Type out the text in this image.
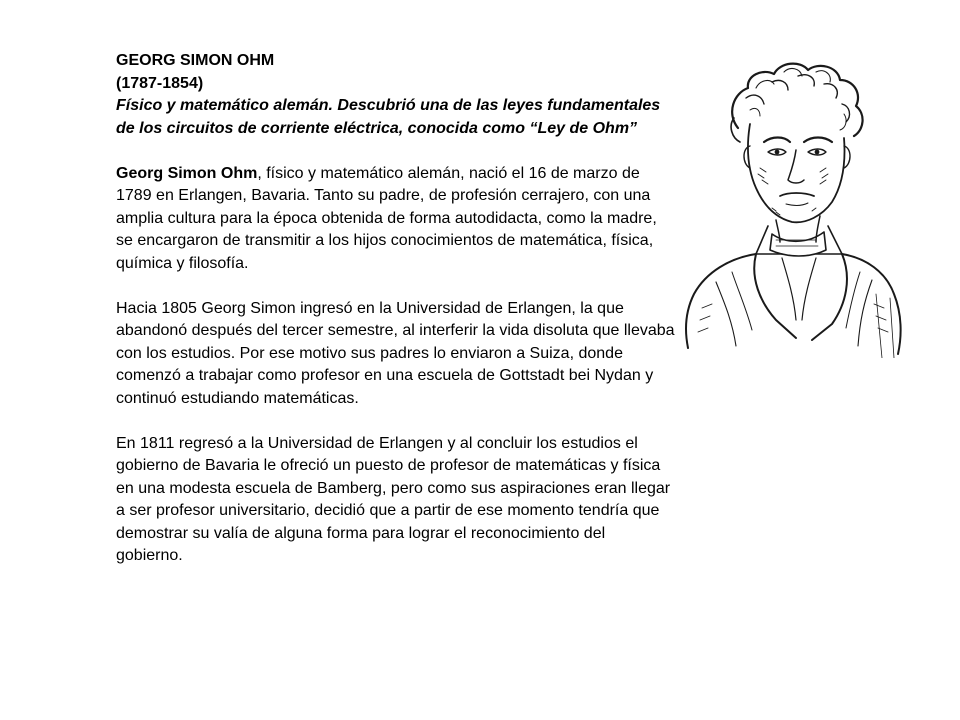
GEORG SIMON OHM

(1787-1854)

Físico y matemático alemán. Descubrió una de las leyes fundamentales
de los circuitos de corriente eléctrica, conocida como “Ley de Ohm”

Georg Simon Ohm, físico y matemático alemán, nació el 16 de marzo de 1789 en Erlangen, Bavaria. Tanto su padre, de profesión cerrajero, con una amplia cultura para la época obtenida de forma autodidacta, como la madre, se encargaron de transmitir a los hijos conocimientos de matemática, física, química y filosofía.

Hacia 1805 Georg Simon ingresó en la Universidad de Erlangen, la que abandonó después del tercer semestre, al interferir la vida disoluta que llevaba con los estudios. Por ese motivo sus padres lo enviaron a Suiza, donde comenzó a trabajar como profesor en una escuela de Gottstadt bei Nydan y continuó estudiando matemáticas.

En 1811 regresó a la Universidad de Erlangen y al concluir los estudios el gobierno de Bavaria le ofreció un puesto de profesor de matemáticas y física en una modesta escuela de Bamberg, pero como sus aspiraciones eran llegar a ser profesor universitario, decidió que a partir de ese momento tendría que demostrar su valía de alguna forma para lograr el reconocimiento del gobierno.
